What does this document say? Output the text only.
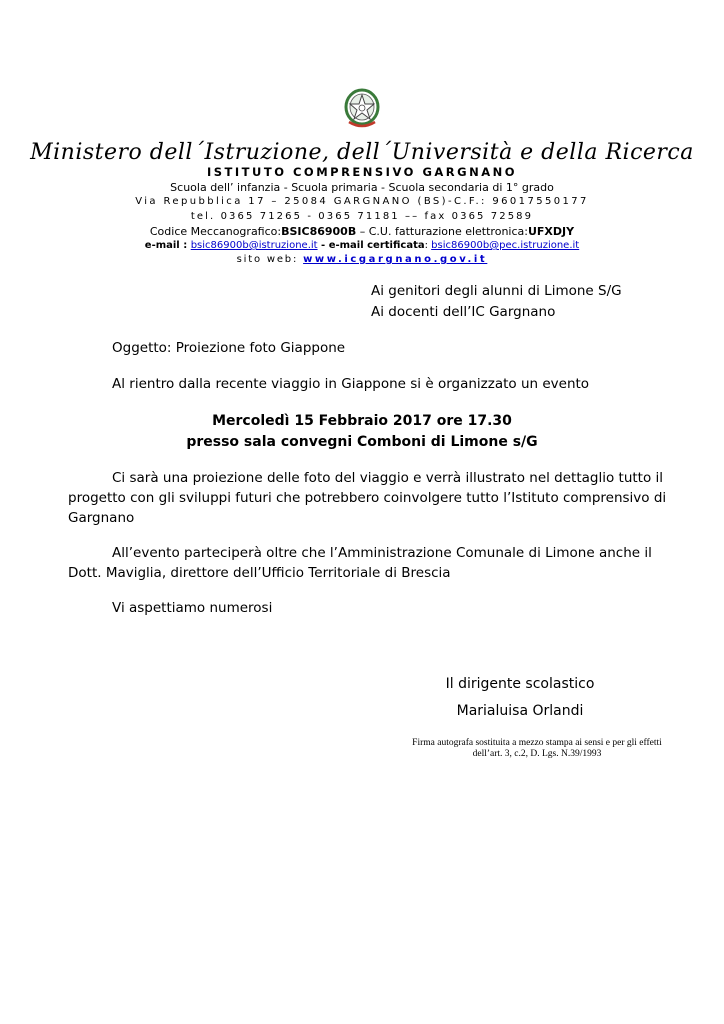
Ministero dell´Istruzione, dell´Università e della Ricerca
ISTITUTO COMPRENSIVO GARGNANO
Scuola dell’ infanzia - Scuola primaria - Scuola secondaria di 1° grado
Via Repubblica 17 – 25084 GARGNANO (BS)-C.F.: 96017550177
tel. 0365 71265 - 0365 71181 –– fax 0365 72589
Codice Meccanografico:BSIC86900B – C.U. fatturazione elettronica:UFXDJY
e-mail : bsic86900b@istruzione.it - e-mail certificata: bsic86900b@pec.istruzione.it
sito web: www.icgargnano.gov.it
Ai genitori degli alunni di Limone S/G
Ai docenti dell’IC Gargnano
Oggetto: Proiezione foto Giappone
Al rientro dalla recente viaggio in Giappone si è organizzato un evento
Mercoledì 15 Febbraio 2017 ore 17.30
presso sala convegni Comboni di Limone s/G
Ci sarà una proiezione delle foto del viaggio e verrà illustrato nel dettaglio tutto il progetto con gli sviluppi futuri che potrebbero coinvolgere tutto l’Istituto comprensivo di Gargnano
All’evento parteciperà oltre che l’Amministrazione Comunale di Limone anche il Dott. Maviglia, direttore dell’Ufficio Territoriale di Brescia
Vi aspettiamo numerosi
Il dirigente scolastico
Marialuisa Orlandi
Firma autografa sostituita a mezzo stampa ai sensi e per gli effetti dell’art. 3, c.2, D. Lgs. N.39/1993
